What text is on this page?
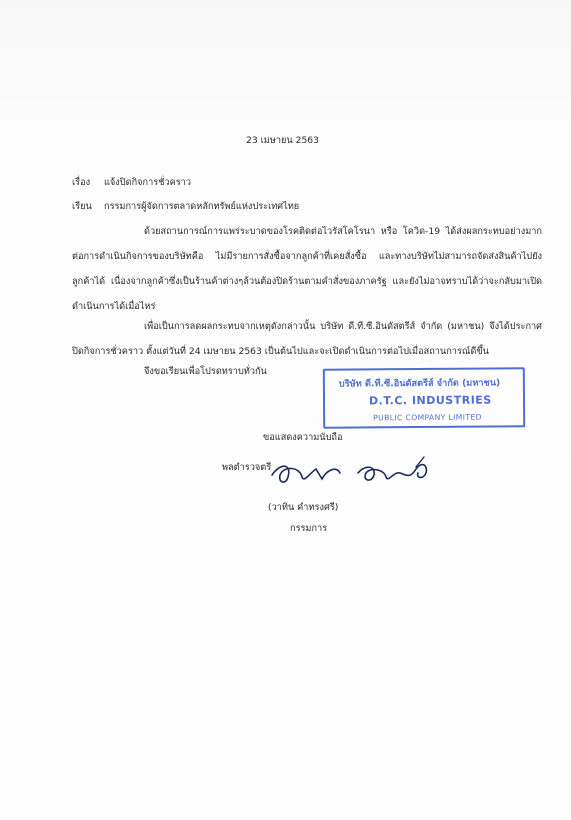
23 เมษายน 2563
เรื่อง แจ้งปิดกิจการชั่วคราว
เรียน กรรมการผู้จัดการตลาดหลักทรัพย์แห่งประเทศไทย
ด้วยสถานการณ์การแพร่ระบาดของโรคติดต่อไวรัสโคโรนา หรือ โควิด-19 ได้ส่งผลกระทบอย่างมากต่อการดำเนินกิจการของบริษัทคือ ไม่มีรายการสั่งซื้อจากลูกค้าที่เคยสั่งซื้อ และทางบริษัทไม่สามารถจัดส่งสินค้าไปยังลูกค้าได้ เนื่องจากลูกค้าซึ่งเป็นร้านค้าต่างๆล้วนต้องปิดร้านตามคำสั่งของภาครัฐ และยังไม่อาจทราบได้ว่าจะกลับมาเปิดดำเนินการได้เมื่อไหร่
เพื่อเป็นการลดผลกระทบจากเหตุดังกล่าวนั้น บริษัท ดี.ที.ซี.อินดัสตรีส์ จำกัด (มหาชน) จึงได้ประกาศปิดกิจการชั่วคราว ตั้งแต่วันที่ 24 เมษายน 2563 เป็นต้นไปและจะเปิดดำเนินการต่อไปเมื่อสถานการณ์ดีขึ้น
จึงขอเรียนเพื่อโปรดทราบทั่วกัน
บริษัท ดี.ที.ซี.อินดัสตรีส์ จำกัด (มหาชน)
D.T.C. INDUSTRIES
PUBLIC COMPANY LIMITED
ขอแสดงความนับถือ
พลตำรวจตรี
(วาทิน คำทรงศรี)
กรรมการ
